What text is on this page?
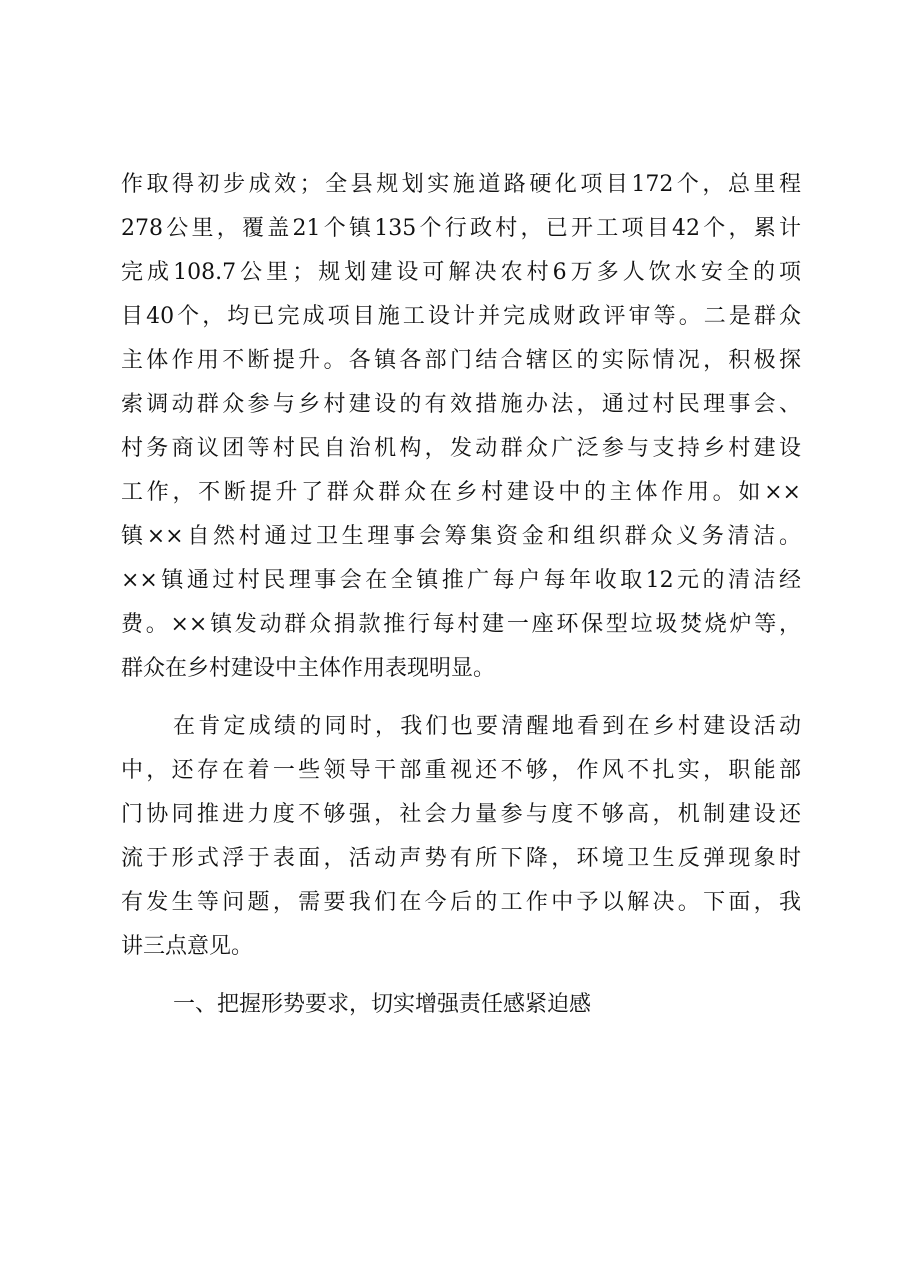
作取得初步成效；全县规划实施道路硬化项目172个，总里程
278公里，覆盖21个镇135个行政村，已开工项目42个，累计
完成108.7公里；规划建设可解决农村6万多人饮水安全的项
目40个，均已完成项目施工设计并完成财政评审等。二是群众
主体作用不断提升。各镇各部门结合辖区的实际情况，积极探
索调动群众参与乡村建设的有效措施办法，通过村民理事会、
村务商议团等村民自治机构，发动群众广泛参与支持乡村建设
工作，不断提升了群众群众在乡村建设中的主体作用。如××
镇××自然村通过卫生理事会筹集资金和组织群众义务清洁。
××镇通过村民理事会在全镇推广每户每年收取12元的清洁经
费。××镇发动群众捐款推行每村建一座环保型垃圾焚烧炉等，
群众在乡村建设中主体作用表现明显。
在肯定成绩的同时，我们也要清醒地看到在乡村建设活动
中，还存在着一些领导干部重视还不够，作风不扎实，职能部
门协同推进力度不够强，社会力量参与度不够高，机制建设还
流于形式浮于表面，活动声势有所下降，环境卫生反弹现象时
有发生等问题，需要我们在今后的工作中予以解决。下面，我
讲三点意见。
一、把握形势要求，切实增强责任感紧迫感
